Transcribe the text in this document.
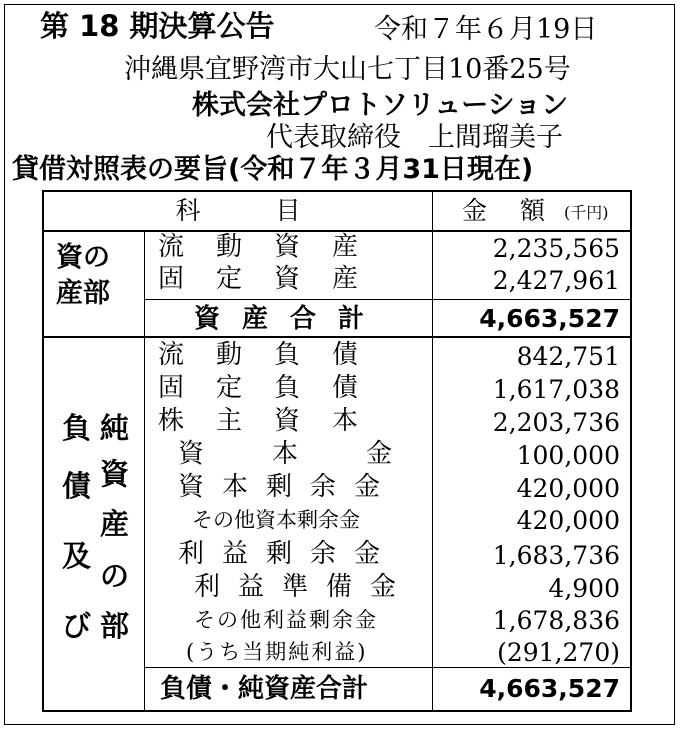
第 18 期決算公告	令和７年６月19日
沖縄県宜野湾市大山七丁目10番25号
株式会社プロトソリューション
代表取締役　上間瑠美子
貸借対照表の要旨(令和７年３月31日現在)
科　　　目	金　額 (千円)
資の
産部
流動資産	2,235,565
固定資産	2,427,961
資産合計	4,663,527
負
債
及
び
純
資
産
の
部
流動負債	842,751
固定負債	1,617,038
株主資本	2,203,736
資本金	100,000
資本剰余金	420,000
その他資本剰余金	420,000
利益剰余金	1,683,736
利益準備金	4,900
その他利益剰余金	1,678,836
(うち当期純利益)	(291,270)
負債・純資産合計	4,663,527
